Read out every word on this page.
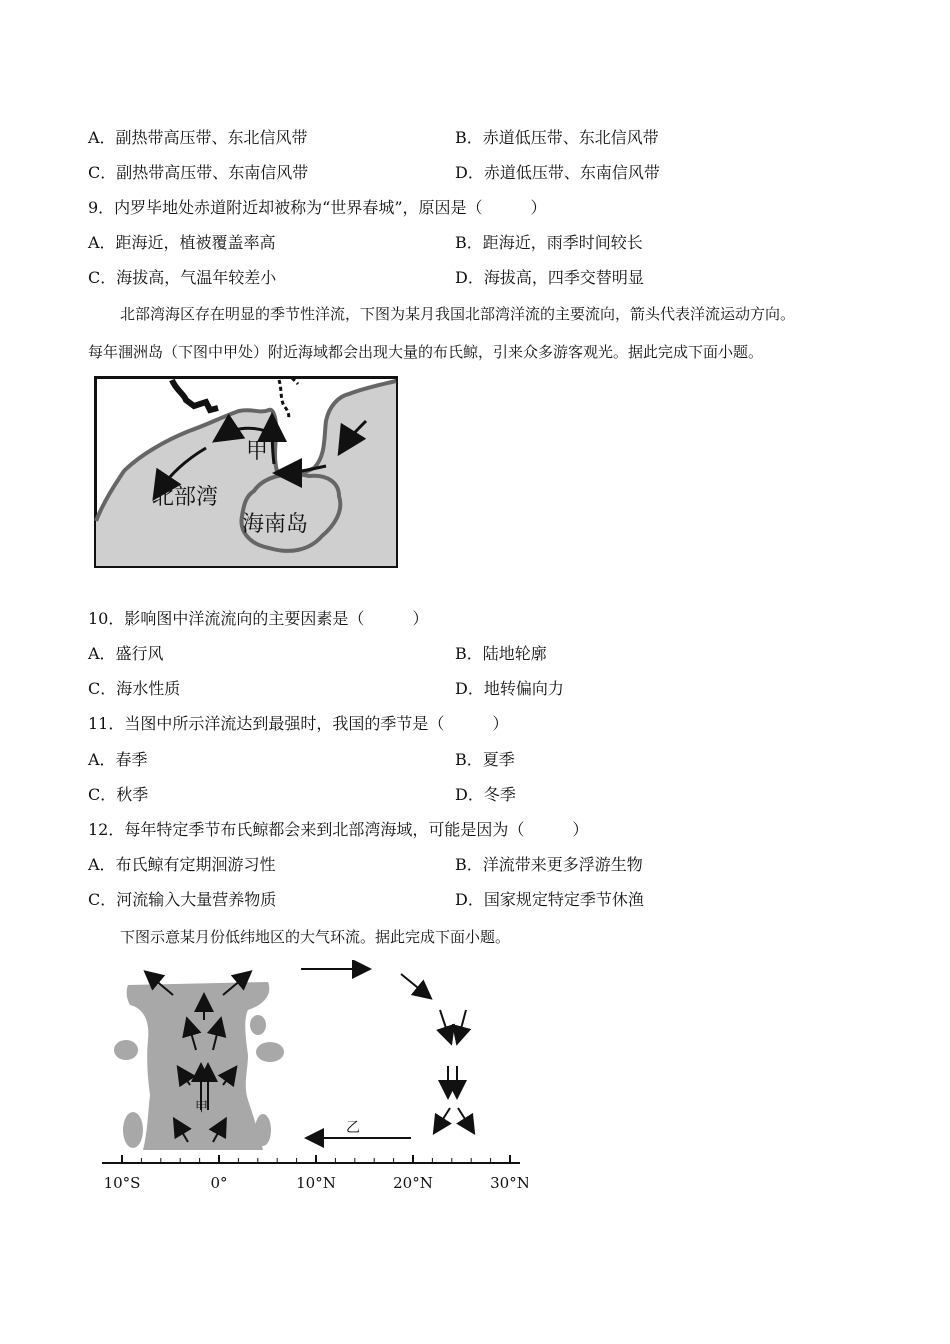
A．副热带高压带、东北信风带	B．赤道低压带、东北信风带
C．副热带高压带、东南信风带	D．赤道低压带、东南信风带
9．内罗毕地处赤道附近却被称为“世界春城”，原因是（　　　）
A．距海近，植被覆盖率高	B．距海近，雨季时间较长
C．海拔高，气温年较差小	D．海拔高，四季交替明显
北部湾海区存在明显的季节性洋流，下图为某月我国北部湾洋流的主要流向，箭头代表洋流运动方向。
每年涠洲岛（下图中甲处）附近海域都会出现大量的布氏鲸，引来众多游客观光。据此完成下面小题。
甲
北部湾
海南岛
10．影响图中洋流流向的主要因素是（　　　）
A．盛行风	B．陆地轮廓
C．海水性质	D．地转偏向力
11．当图中所示洋流达到最强时，我国的季节是（　　　）
A．春季	B．夏季
C．秋季	D．冬季
12．每年特定季节布氏鲸都会来到北部湾海域，可能是因为（　　　）
A．布氏鲸有定期洄游习性	B．洋流带来更多浮游生物
C．河流输入大量营养物质	D．国家规定特定季节休渔
下图示意某月份低纬地区的大气环流。据此完成下面小题。
甲
乙
10°S	0°	10°N	20°N	30°N
